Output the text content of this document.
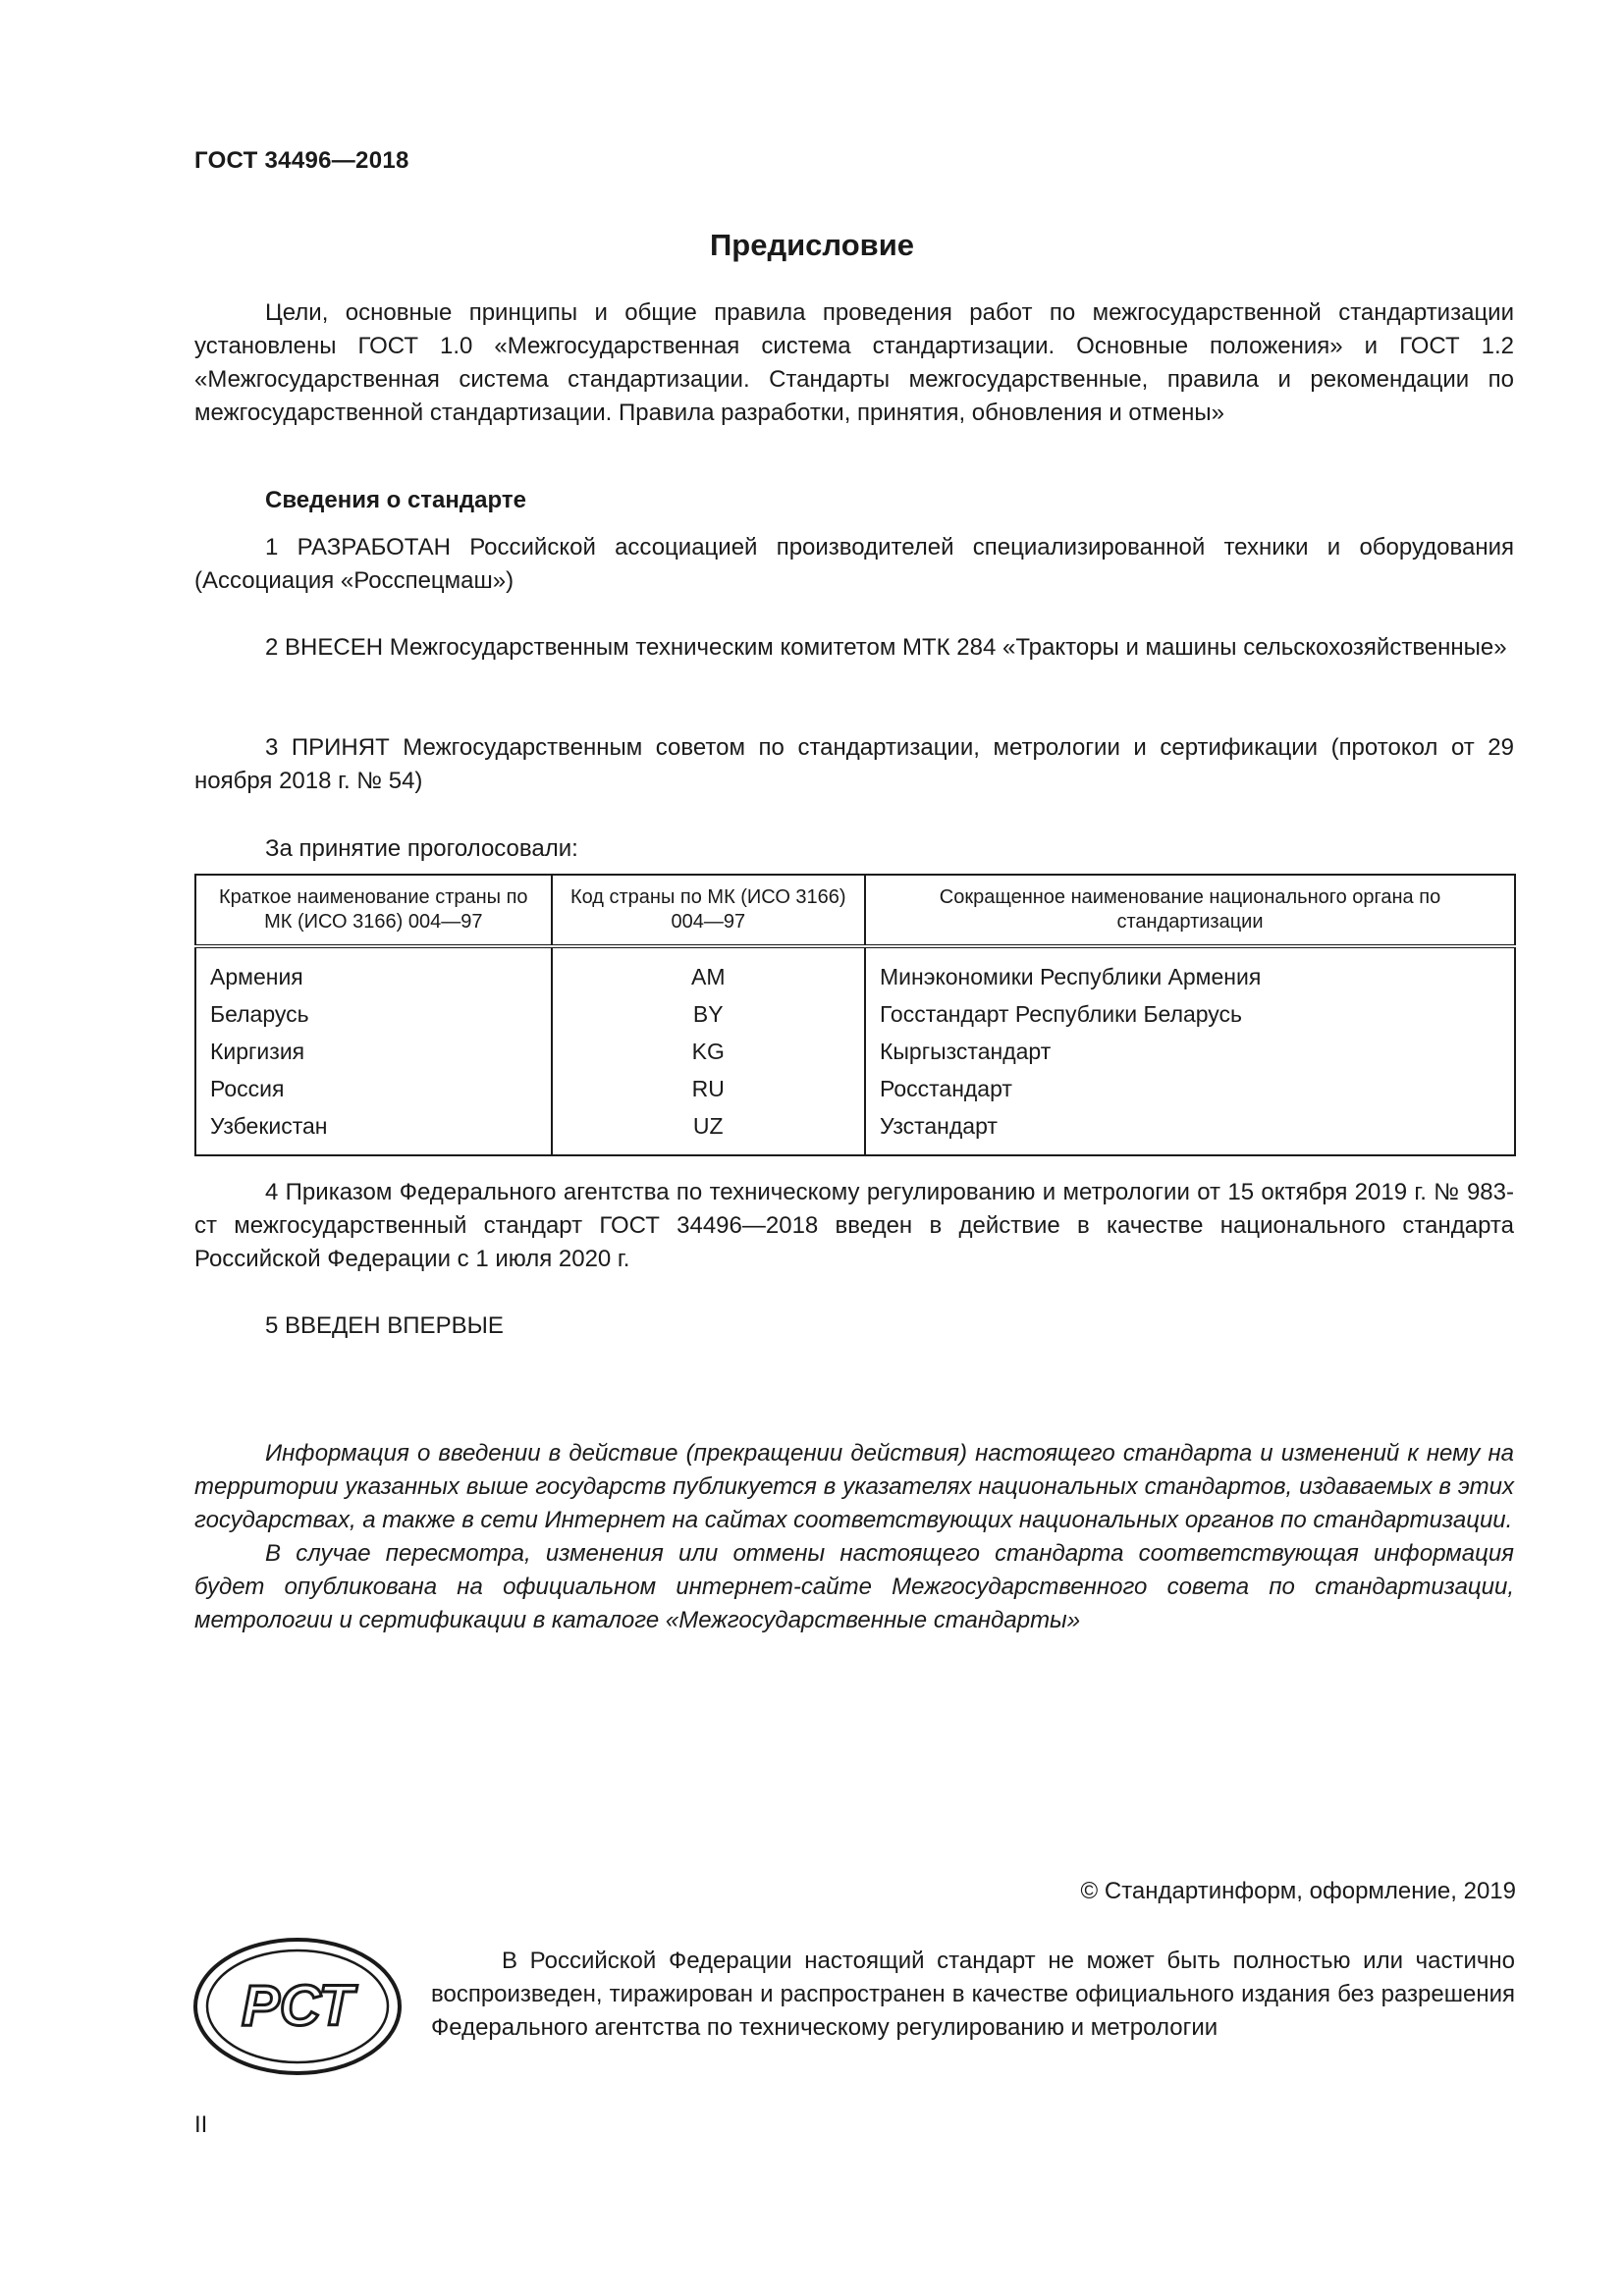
ГОСТ 34496—2018
Предисловие

Цели, основные принципы и общие правила проведения работ по межгосударственной стандартизации установлены ГОСТ 1.0 «Межгосударственная система стандартизации. Основные положения» и ГОСТ 1.2 «Межгосударственная система стандартизации. Стандарты межгосударственные, правила и рекомендации по межгосударственной стандартизации. Правила разработки, принятия, обновления и отмены»

Сведения о стандарте

1 РАЗРАБОТАН Российской ассоциацией производителей специализированной техники и оборудования (Ассоциация «Росспецмаш»)

2 ВНЕСЕН Межгосударственным техническим комитетом МТК 284 «Тракторы и машины сельскохозяйственные»

3 ПРИНЯТ Межгосударственным советом по стандартизации, метрологии и сертификации (протокол от 29 ноября 2018 г. № 54)

За принятие проголосовали:
Краткое наименование страны по МК (ИСО 3166) 004—97	Код страны по МК (ИСО 3166) 004—97	Сокращенное наименование национального органа по стандартизации
Армения	AM	Минэкономики Республики Армения
Беларусь	BY	Госстандарт Республики Беларусь
Киргизия	KG	Кыргызстандарт
Россия	RU	Росстандарт
Узбекистан	UZ	Узстандарт

4 Приказом Федерального агентства по техническому регулированию и метрологии от 15 октября 2019 г. № 983-ст межгосударственный стандарт ГОСТ 34496—2018 введен в действие в качестве национального стандарта Российской Федерации с 1 июля 2020 г.

5 ВВЕДЕН ВПЕРВЫЕ

Информация о введении в действие (прекращении действия) настоящего стандарта и изменений к нему на территории указанных выше государств публикуется в указателях национальных стандартов, издаваемых в этих государствах, а также в сети Интернет на сайтах соответствующих национальных органов по стандартизации.

В случае пересмотра, изменения или отмены настоящего стандарта соответствующая информация будет опубликована на официальном интернет-сайте Межгосударственного совета по стандартизации, метрологии и сертификации в каталоге «Межгосударственные стандарты»

© Стандартинформ, оформление, 2019
РСТ
В Российской Федерации настоящий стандарт не может быть полностью или частично воспроизведен, тиражирован и распространен в качестве официального издания без разрешения Федерального агентства по техническому регулированию и метрологии
II
